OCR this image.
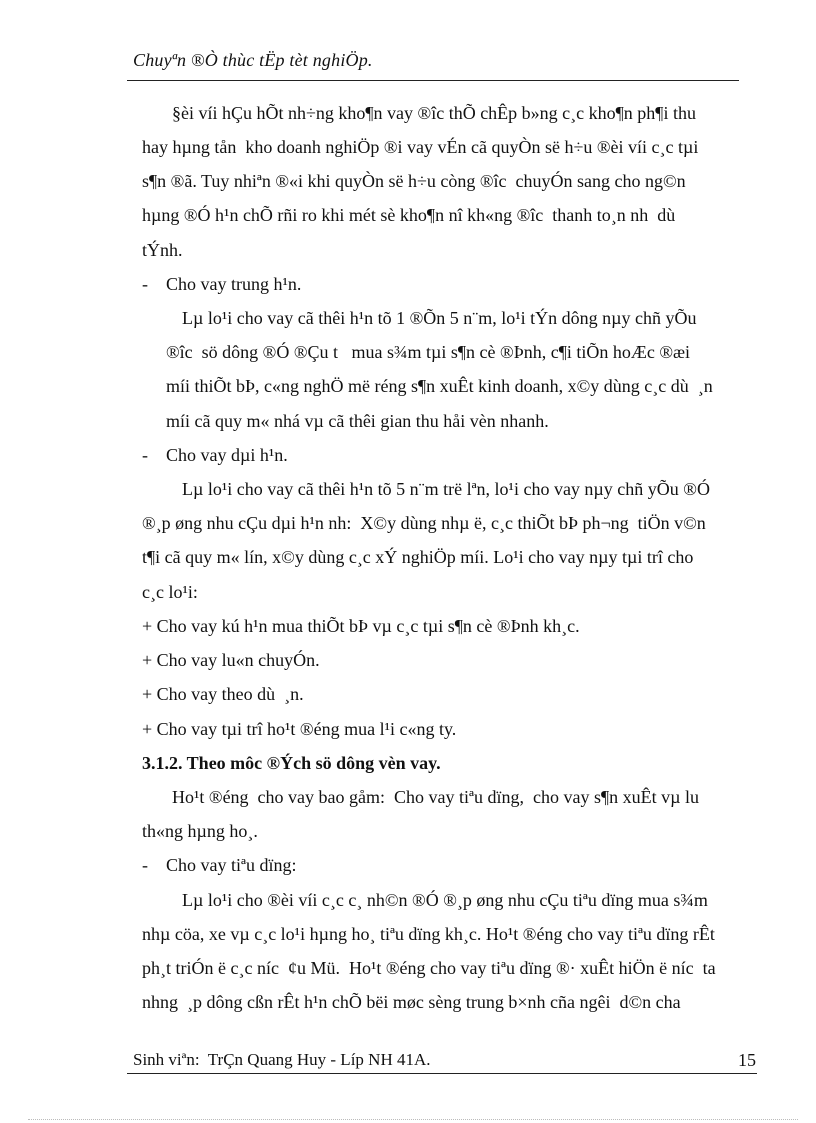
Chuyªn ®Ò thùc tËp tèt nghiÖp.
§èi víi hÇu hÕt nh÷ng kho¶n vay ®îc thÕ chÊp b»ng c¸c kho¶n ph¶i thu
hay hµng tån  kho doanh nghiÖp ®i vay vÉn cã quyÒn së h÷u ®èi víi c¸c tµi
s¶n ®ã. Tuy nhiªn ®«i khi quyÒn së h÷u còng ®îc  chuyÓn sang cho ng©n
hµng ®Ó h¹n chÕ rñi ro khi mét sè kho¶n nî kh«ng ®îc  thanh to¸n nh  dù
tÝnh.
-    Cho vay trung h¹n.
Lµ lo¹i cho vay cã thêi h¹n tõ 1 ®Õn 5 n¨m, lo¹i tÝn dông nµy chñ yÕu
®îc  sö dông ®Ó ®Çu t   mua s¾m tµi s¶n cè ®Þnh, c¶i tiÕn hoÆc ®æi
míi thiÕt bÞ, c«ng nghÖ më réng s¶n xuÊt kinh doanh, x©y dùng c¸c dù  ¸n
míi cã quy m« nhá vµ cã thêi gian thu håi vèn nhanh.
-    Cho vay dµi h¹n.
Lµ lo¹i cho vay cã thêi h¹n tõ 5 n¨m trë lªn, lo¹i cho vay nµy chñ yÕu ®Ó
®¸p øng nhu cÇu dµi h¹n nh:  X©y dùng nhµ ë, c¸c thiÕt bÞ ph¬ng  tiÖn v©n
t¶i cã quy m« lín, x©y dùng c¸c xÝ nghiÖp míi. Lo¹i cho vay nµy tµi trî cho
c¸c lo¹i:
+ Cho vay kú h¹n mua thiÕt bÞ vµ c¸c tµi s¶n cè ®Þnh kh¸c.
+ Cho vay lu«n chuyÓn.
+ Cho vay theo dù  ¸n.
+ Cho vay tµi trî ho¹t ®éng mua l¹i c«ng ty.
3.1.2. Theo môc ®Ých sö dông vèn vay.
Ho¹t ®éng  cho vay bao gåm:  Cho vay tiªu dïng,  cho vay s¶n xuÊt vµ lu
th«ng hµng ho¸.
-    Cho vay tiªu dïng:
Lµ lo¹i cho ®èi víi c¸c c¸ nh©n ®Ó ®¸p øng nhu cÇu tiªu dïng mua s¾m
nhµ cöa, xe vµ c¸c lo¹i hµng ho¸ tiªu dïng kh¸c. Ho¹t ®éng cho vay tiªu dïng rÊt
ph¸t triÓn ë c¸c níc  ¢u Mü.  Ho¹t ®éng cho vay tiªu dïng ®· xuÊt hiÖn ë níc  ta
nhng  ¸p dông cßn rÊt h¹n chÕ bëi møc sèng trung b×nh cña ngêi  d©n cha
Sinh viªn:  TrÇn Quang Huy - Líp NH 41A.	15
